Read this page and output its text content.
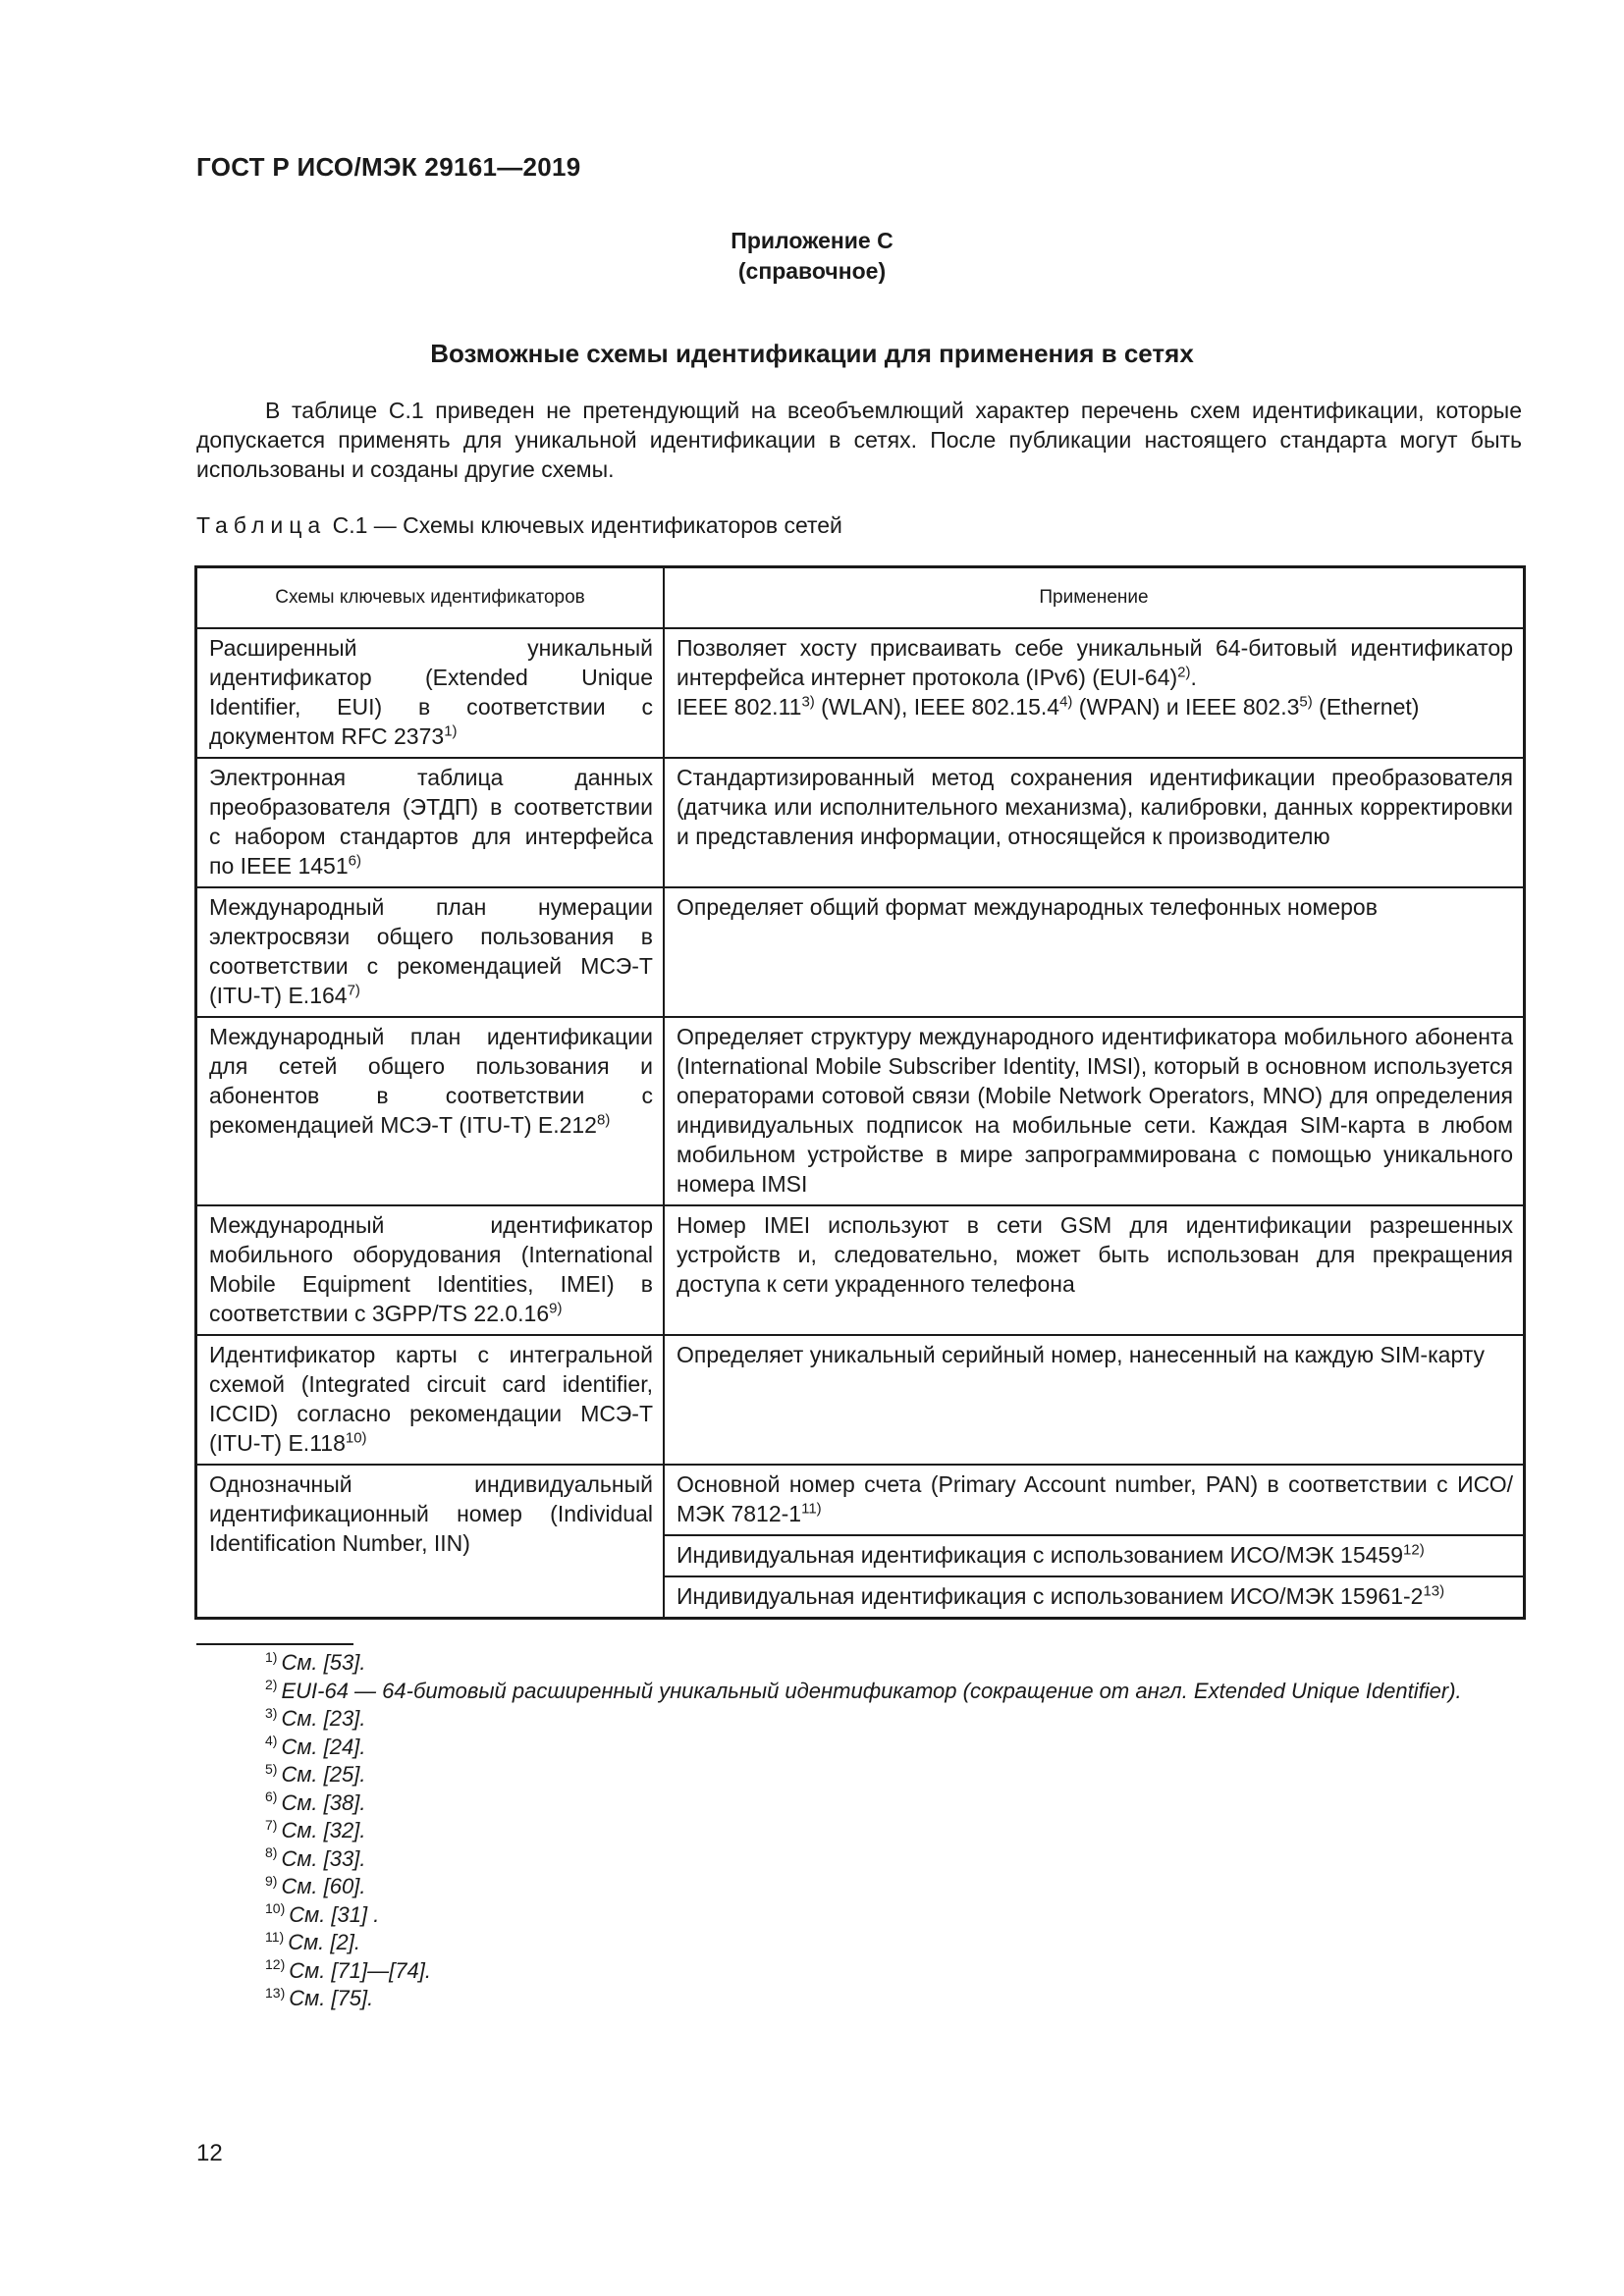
ГОСТ Р ИСО/МЭК 29161—2019
Приложение С
(справочное)
Возможные схемы идентификации для применения в сетях

В таблице С.1 приведен не претендующий на всеобъемлющий характер перечень схем идентификации, которые допускается применять для уникальной идентификации в сетях. После публикации настоящего стандарта могут быть использованы и созданы другие схемы.

Таблица С.1 — Схемы ключевых идентификаторов сетей
Схемы ключевых идентификаторов	Применение
Расширенный уникальный идентификатор (Extended Unique Identifier, EUI) в соответствии с документом RFC 2373$^{1)}$	Позволяет хосту присваивать себе уникальный 64-битовый идентификатор интерфейса интернет протокола (IPv6) $(EUI-64)^{2)}$.
IEEE 802.11$^{3)}$ (WLAN), IEEE 802.15.4$^{4)}$ (WPAN) и IEEE 802.3$^{5)}$ (Ethernet)

Электронная таблица данных преобразователя (ЭТДП) в соответствии с набором стандартов для интерфейса по IEEE 1451$^{6)}$	Стандартизированный метод сохранения идентификации преобразователя (датчика или исполнительного механизма), калибровки, данных корректировки и представления информации, относящейся к производителю
Международный план нумерации электросвязи общего пользования в соответствии с рекомендацией МСЭ-Т (ITU-T) Е.164$^{7)}$	Определяет общий формат международных телефонных номеров
Международный план идентификации для сетей общего пользования и абонентов в соответствии с рекомендацией МСЭ-Т (ITU-T) Е.212$^{8)}$	Определяет структуру международного идентификатора мобильного абонента (International Mobile Subscriber Identity, IMSI), который в основном используется операторами сотовой связи (Mobile Network Operators, MNO) для определения индивидуальных подписок на мобильные сети. Каждая SIM-карта в любом мобильном устройстве в мире запрограммирована с помощью уникального номера IMSI
Международный идентификатор мобильного оборудования (International Mobile Equipment Identities, IMEI) в соответствии с 3GPP/TS 22.0.16$^{9)}$	Номер IMEI используют в сети GSM для идентификации разрешенных устройств и, следовательно, может быть использован для прекращения доступа к сети украденного телефона
Идентификатор карты с интегральной схемой (Integrated circuit card identifier, ICCID) согласно рекомендации МСЭ-Т (ITU-T) Е.118$^{10)}$	Определяет уникальный серийный номер, нанесенный на каждую SIM-карту
Однозначный индивидуальный идентификационный номер (Individual Identification Number, IIN)	Основной номер счета (Primary Account number, PAN) в соответствии с ИСО/МЭК 7812-1$^{11)}$
	Индивидуальная идентификация с использованием ИСО/МЭК 15459$^{12)}$
	Индивидуальная идентификация с использованием ИСО/МЭК 15961-2$^{13)}$
$^{1)}$ См. [53].
$^{2)}$ EUI-64 — 64-битовый расширенный уникальный идентификатор (сокращение от англ. Extended Unique Identifier).
$^{3)}$ См. [23].
$^{4)}$ См. [24].
$^{5)}$ См. [25].
$^{6)}$ См. [38].
$^{7)}$ См. [32].
$^{8)}$ См. [33].
$^{9)}$ См. [60].
$^{10)}$ См. [31] .
$^{11)}$ См. [2].
$^{12)}$ См. [71]—[74].
$^{13)}$ См. [75].
12
